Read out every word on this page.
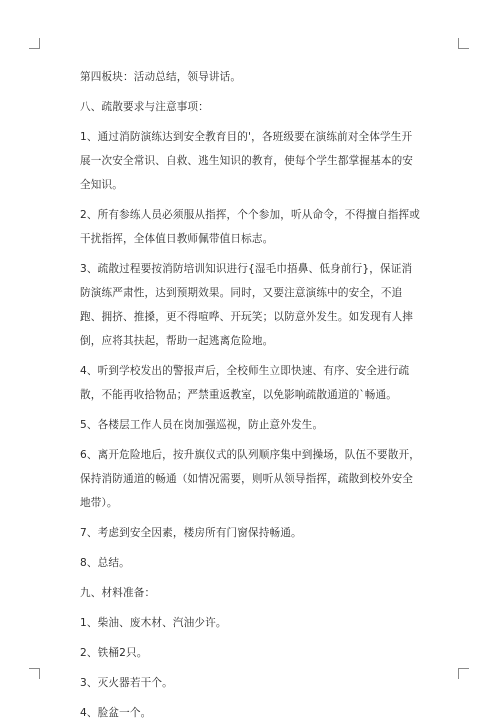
第四板块：活动总结，领导讲话。

八、疏散要求与注意事项：

1、通过消防演练达到安全教育目的'，各班级要在演练前对全体学生开展一次安全常识、自救、逃生知识的教育，使每个学生都掌握基本的安全知识。

2、所有参练人员必须服从指挥，个个参加，听从命令，不得擅自指挥或干扰指挥，全体值日教师佩带值日标志。

3、疏散过程要按消防培训知识进行{湿毛巾捂鼻、低身前行}，保证消防演练严肃性，达到预期效果。同时，又要注意演练中的安全，不追跑、拥挤、推搡，更不得喧哗、开玩笑；以防意外发生。如发现有人摔倒，应将其扶起，帮助一起逃离危险地。

4、听到学校发出的警报声后，全校师生立即快速、有序、安全进行疏散，不能再收拾物品；严禁重返教室，以免影响疏散通道的`畅通。

5、各楼层工作人员在岗加强巡视，防止意外发生。

6、离开危险地后，按升旗仪式的队列顺序集中到操场，队伍不要散开，保持消防通道的畅通（如情况需要，则听从领导指挥，疏散到校外安全地带）。

7、考虑到安全因素，楼房所有门窗保持畅通。

8、总结。

九、材料准备：

1、柴油、废木材、汽油少许。

2、铁桶2只。

3、灭火器若干个。

4、脸盆一个。
